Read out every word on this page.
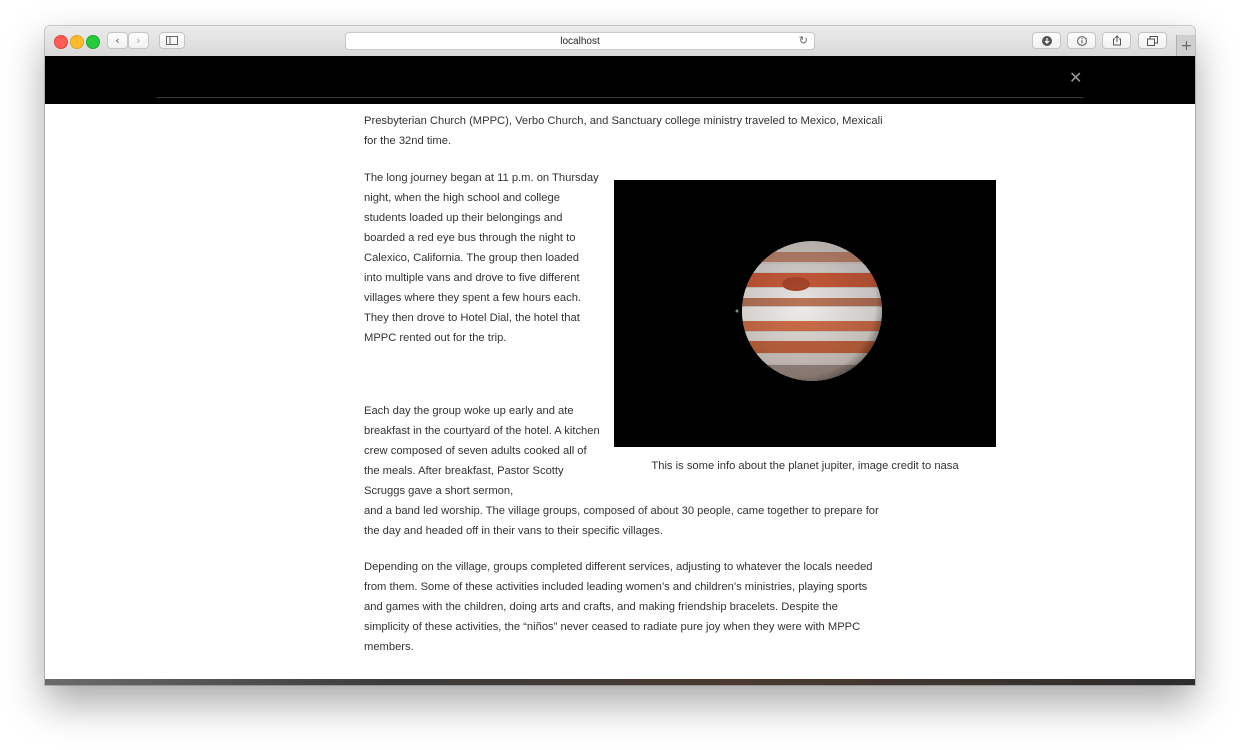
‹ ›	localhost	↻	+
✕

Presbyterian Church (MPPC), Verbo Church, and Sanctuary college ministry traveled to Mexico, Mexicali for the 32nd time.

The long journey began at 11 p.m. on Thursday night, when the high school and college students loaded up their belongings and boarded a red eye bus through the night to Calexico, California. The group then loaded into multiple vans and drove to five different villages where they spent a few hours each. They then drove to Hotel Dial, the hotel that MPPC rented out for the trip.

Each day the group woke up early and ate breakfast in the courtyard of the hotel. A kitchen crew composed of seven adults cooked all of the meals. After breakfast, Pastor Scotty Scruggs gave a short sermon,

and a band led worship. The village groups, composed of about 30 people, came together to prepare for the day and headed off in their vans to their specific villages.

Depending on the village, groups completed different services, adjusting to whatever the locals needed from them. Some of these activities included leading women’s and children’s ministries, playing sports and games with the children, doing arts and crafts, and making friendship bracelets. Despite the simplicity of these activities, the “niños” never ceased to radiate pure joy when they were with MPPC members.

This is some info about the planet jupiter, image credit to nasa
